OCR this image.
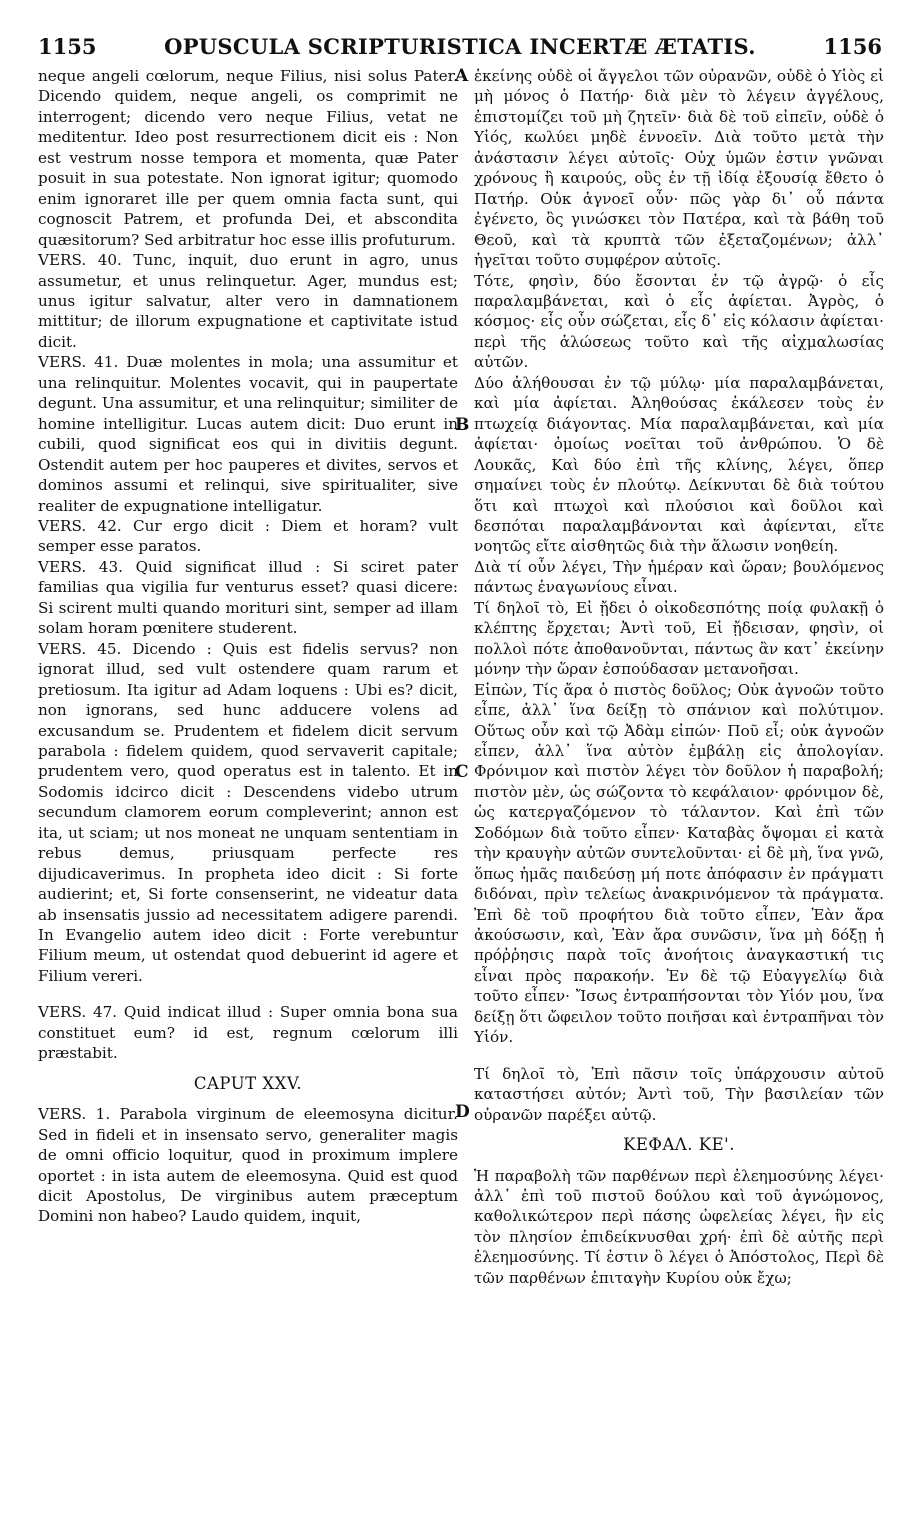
1155	OPUSCULA SCRIPTURISTICA INCERTÆ ÆTATIS.	1156

neque angeli cœlorum, neque Filius, nisi solus Pater. Dicendo quidem, neque angeli, os comprimit ne interrogent; dicendo vero neque Filius, vetat ne meditentur. Ideo post resurrectionem dicit eis : Non est vestrum nosse tempora et momenta, quæ Pater posuit in sua potestate. Non ignorat igitur; quomodo enim ignoraret ille per quem omnia facta sunt, qui cognoscit Patrem, et profunda Dei, et abscondita quæsitorum? Sed arbitratur hoc esse illis profuturum.

VERS. 40. Tunc, inquit, duo erunt in agro, unus assumetur, et unus relinquetur. Ager, mundus est; unus igitur salvatur, alter vero in damnationem mittitur; de illorum expugnatione et captivitate istud dicit.

VERS. 41. Duæ molentes in mola; una assumitur et una relinquitur. Molentes vocavit, qui in paupertate degunt. Una assumitur, et una relinquitur; similiter de homine intelligitur. Lucas autem dicit: Duo erunt in cubili, quod significat eos qui in divitiis degunt. Ostendit autem per hoc pauperes et divites, servos et dominos assumi et relinqui, sive spiritualiter, sive realiter de expugnatione intelligatur.

VERS. 42. Cur ergo dicit : Diem et horam? vult semper esse paratos.

VERS. 43. Quid significat illud : Si sciret pater familias qua vigilia fur venturus esset? quasi dicere: Si scirent multi quando morituri sint, semper ad illam solam horam pœnitere studerent.

VERS. 45. Dicendo : Quis est fidelis servus? non ignorat illud, sed vult ostendere quam rarum et pretiosum. Ita igitur ad Adam loquens : Ubi es? dicit, non ignorans, sed hunc adducere volens ad excusandum se. Prudentem et fidelem dicit servum parabola : fidelem quidem, quod servaverit capitale; prudentem vero, quod operatus est in talento. Et in Sodomis idcirco dicit : Descendens videbo utrum secundum clamorem eorum compleverint; annon est ita, ut sciam; ut nos moneat ne unquam sententiam in rebus demus, priusquam perfecte res dijudicaverimus. In propheta ideo dicit : Si forte audierint; et, Si forte consenserint, ne videatur data ab insensatis jussio ad necessitatem adigere parendi. In Evangelio autem ideo dicit : Forte verebuntur Filium meum, ut ostendat quod debuerint id agere et Filium vereri.

VERS. 47. Quid indicat illud : Super omnia bona sua constituet eum? id est, regnum cœlorum illi præstabit.

CAPUT XXV.

VERS. 1. Parabola virginum de eleemosyna dicitur. Sed in fideli et in insensato servo, generaliter magis de omni officio loquitur, quod in proximum implere oportet : in ista autem de eleemosyna. Quid est quod dicit Apostolus, De virginibus autem præceptum Domini non habeo? Laudo quidem, inquit,

ἐκείνης οὐδὲ οἱ ἄγγελοι τῶν οὐρανῶν, οὐδὲ ὁ Υἱὸς εἰ μὴ μόνος ὁ Πατήρ· διὰ μὲν τὸ λέγειν ἀγγέλους, ἐπιστομίζει τοῦ μὴ ζητεῖν· διὰ δὲ τοῦ εἰπεῖν, οὐδὲ ὁ Υἱός, κωλύει μηδὲ ἐννοεῖν. Διὰ τοῦτο μετὰ τὴν ἀνάστασιν λέγει αὐτοῖς· Οὐχ ὑμῶν ἐστιν γνῶναι χρόνους ἢ καιρούς, οὓς ἐν τῇ ἰδίᾳ ἐξουσίᾳ ἔθετο ὁ Πατήρ. Οὐκ ἀγνοεῖ οὖν· πῶς γὰρ δι᾽ οὗ πάντα ἐγένετο, ὃς γινώσκει τὸν Πατέρα, καὶ τὰ βάθη τοῦ Θεοῦ, καὶ τὰ κρυπτὰ τῶν ἐξεταζομένων; ἀλλ᾽ ἡγεῖται τοῦτο συμφέρον αὐτοῖς.

Τότε, φησὶν, δύο ἔσονται ἐν τῷ ἀγρῷ· ὁ εἷς παραλαμβάνεται, καὶ ὁ εἷς ἀφίεται. Ἀγρὸς, ὁ κόσμος· εἷς οὖν σώζεται, εἷς δ᾽ εἰς κόλασιν ἀφίεται· περὶ τῆς ἁλώσεως τοῦτο καὶ τῆς αἰχμαλωσίας αὐτῶν.

Δύο ἀλήθουσαι ἐν τῷ μύλῳ· μία παραλαμβάνεται, καὶ μία ἀφίεται. Ἀληθούσας ἐκάλεσεν τοὺς ἐν πτωχείᾳ διάγοντας. Μία παραλαμβάνεται, καὶ μία ἀφίεται· ὁμοίως νοεῖται τοῦ ἀνθρώπου. Ὁ δὲ Λουκᾶς, Καὶ δύο ἐπὶ τῆς κλίνης, λέγει, ὅπερ σημαίνει τοὺς ἐν πλούτῳ. Δείκνυται δὲ διὰ τούτου ὅτι καὶ πτωχοὶ καὶ πλούσιοι καὶ δοῦλοι καὶ δεσπόται παραλαμβάνονται καὶ ἀφίενται, εἴτε νοητῶς εἴτε αἰσθητῶς διὰ τὴν ἅλωσιν νοηθείη.

Διὰ τί οὖν λέγει, Τὴν ἡμέραν καὶ ὥραν; βουλόμενος πάντως ἐναγωνίους εἶναι.

Τί δηλοῖ τὸ, Εἰ ᾔδει ὁ οἰκοδεσπότης ποίᾳ φυλακῇ ὁ κλέπτης ἔρχεται; Ἀντὶ τοῦ, Εἰ ᾔδεισαν, φησὶν, οἱ πολλοὶ πότε ἀποθανοῦνται, πάντως ἂν κατ᾽ ἐκείνην μόνην τὴν ὥραν ἐσπούδασαν μετανοῆσαι.

Εἰπὼν, Τίς ἄρα ὁ πιστὸς δοῦλος; Οὐκ ἀγνοῶν τοῦτο εἶπε, ἀλλ᾽ ἵνα δείξῃ τὸ σπάνιον καὶ πολύτιμον. Οὕτως οὖν καὶ τῷ Ἀδὰμ εἰπών· Ποῦ εἶ; οὐκ ἀγνοῶν εἶπεν, ἀλλ᾽ ἵνα αὐτὸν ἐμβάλῃ εἰς ἀπολογίαν. Φρόνιμον καὶ πιστὸν λέγει τὸν δοῦλον ἡ παραβολή; πιστὸν μὲν, ὡς σώζοντα τὸ κεφάλαιον· φρόνιμον δὲ, ὡς κατεργαζόμενον τὸ τάλαντον. Καὶ ἐπὶ τῶν Σοδόμων διὰ τοῦτο εἶπεν· Καταβὰς ὄψομαι εἰ κατὰ τὴν κραυγὴν αὐτῶν συντελοῦνται· εἰ δὲ μὴ, ἵνα γνῶ, ὅπως ἡμᾶς παιδεύσῃ μή ποτε ἀπόφασιν ἐν πράγματι διδόναι, πρὶν τελείως ἀνακρινόμενον τὰ πράγματα. Ἐπὶ δὲ τοῦ προφήτου διὰ τοῦτο εἶπεν, Ἐὰν ἄρα ἀκούσωσιν, καὶ, Ἐὰν ἄρα συνῶσιν, ἵνα μὴ δόξῃ ἡ πρόῤῥησις παρὰ τοῖς ἀνοήτοις ἀναγκαστική τις εἶναι πρὸς παρακοήν. Ἐν δὲ τῷ Εὐαγγελίῳ διὰ τοῦτο εἶπεν· Ἴσως ἐντραπήσονται τὸν Υἱόν μου, ἵνα δείξῃ ὅτι ὤφειλον τοῦτο ποιῆσαι καὶ ἐντραπῆναι τὸν Υἱόν.

Τί δηλοῖ τὸ, Ἐπὶ πᾶσιν τοῖς ὑπάρχουσιν αὐτοῦ καταστήσει αὐτόν; Ἀντὶ τοῦ, Τὴν βασιλείαν τῶν οὐρανῶν παρέξει αὐτῷ.

ΚΕΦΑΛ. ΚΕ'.

Ἡ παραβολὴ τῶν παρθένων περὶ ἐλεημοσύνης λέγει· ἀλλ᾽ ἐπὶ τοῦ πιστοῦ δούλου καὶ τοῦ ἀγνώμονος, καθολικώτερον περὶ πάσης ὠφελείας λέγει, ἣν εἰς τὸν πλησίον ἐπιδείκνυσθαι χρή· ἐπὶ δὲ αὐτῆς περὶ ἐλεημοσύνης. Τί ἐστιν ὃ λέγει ὁ Ἀπόστολος, Περὶ δὲ τῶν παρθένων ἐπιταγὴν Κυρίου οὐκ ἔχω;

A
B
C
D
